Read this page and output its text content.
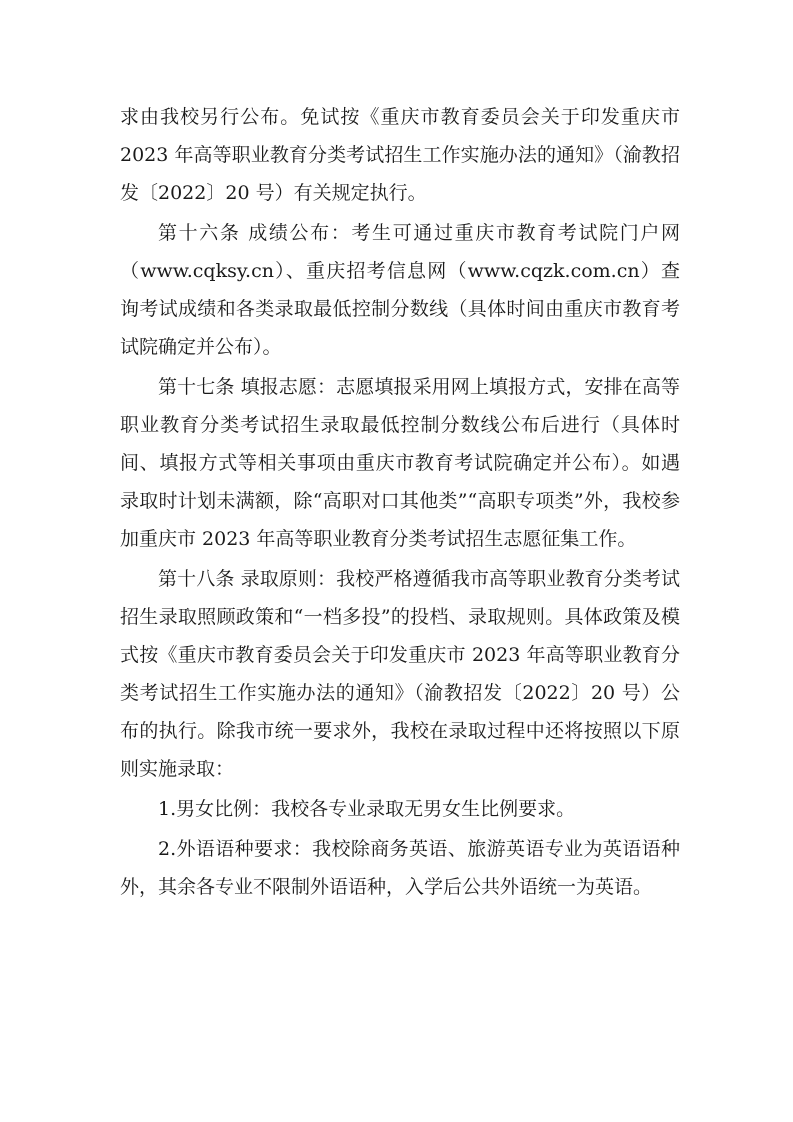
求由我校另行公布。免试按《重庆市教育委员会关于印发重庆市 2023 年高等职业教育分类考试招生工作实施办法的通知》（渝教招发〔2022〕20 号）有关规定执行。

第十六条 成绩公布：考生可通过重庆市教育考试院门户网（www.cqksy.cn）、重庆招考信息网（www.cqzk.com.cn）查询考试成绩和各类录取最低控制分数线（具体时间由重庆市教育考试院确定并公布）。

第十七条 填报志愿：志愿填报采用网上填报方式，安排在高等职业教育分类考试招生录取最低控制分数线公布后进行（具体时间、填报方式等相关事项由重庆市教育考试院确定并公布）。如遇录取时计划未满额，除“高职对口其他类”“高职专项类”外，我校参加重庆市 2023 年高等职业教育分类考试招生志愿征集工作。

第十八条 录取原则：我校严格遵循我市高等职业教育分类考试招生录取照顾政策和“一档多投”的投档、录取规则。具体政策及模式按《重庆市教育委员会关于印发重庆市 2023 年高等职业教育分类考试招生工作实施办法的通知》（渝教招发〔2022〕20 号）公布的执行。除我市统一要求外，我校在录取过程中还将按照以下原则实施录取：

1.男女比例：我校各专业录取无男女生比例要求。

2.外语语种要求：我校除商务英语、旅游英语专业为英语语种外，其余各专业不限制外语语种，入学后公共外语统一为英语。
